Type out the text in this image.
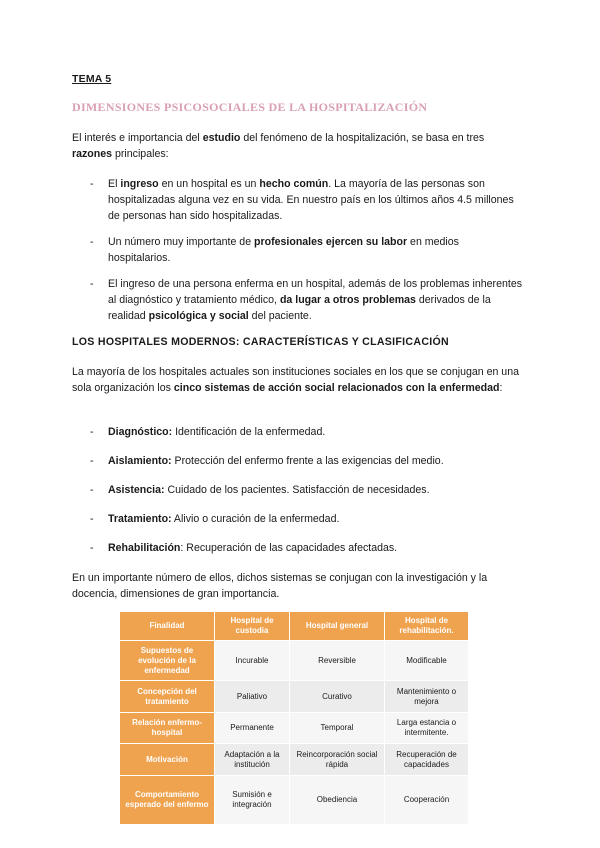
TEMA 5
DIMENSIONES PSICOSOCIALES DE LA HOSPITALIZACIÓN

El interés e importancia del estudio del fenómeno de la hospitalización, se basa en tres razones principales:

- El ingreso en un hospital es un hecho común. La mayoría de las personas son hospitalizadas alguna vez en su vida. En nuestro país en los últimos años 4.5 millones de personas han sido hospitalizadas.

- Un número muy importante de profesionales ejercen su labor en medios hospitalarios.

- El ingreso de una persona enferma en un hospital, además de los problemas inherentes al diagnóstico y tratamiento médico, da lugar a otros problemas derivados de la realidad psicológica y social del paciente.

LOS HOSPITALES MODERNOS: CARACTERÍSTICAS Y CLASIFICACIÓN

La mayoría de los hospitales actuales son instituciones sociales en los que se conjugan en una sola organización los cinco sistemas de acción social relacionados con la enfermedad:

- Diagnóstico: Identificación de la enfermedad.

- Aislamiento: Protección del enfermo frente a las exigencias del medio.

- Asistencia: Cuidado de los pacientes. Satisfacción de necesidades.

- Tratamiento: Alivio o curación de la enfermedad.

- Rehabilitación: Recuperación de las capacidades afectadas.

En un importante número de ellos, dichos sistemas se conjugan con la investigación y la docencia, dimensiones de gran importancia.

Finalidad	Hospital de custodia	Hospital general	Hospital de rehabilitación.
Supuestos de evolución de la enfermedad	Incurable	Reversible	Modificable
Concepción del tratamiento	Paliativo	Curativo	Mantenimiento o mejora
Relación enfermo-hospital	Permanente	Temporal	Larga estancia o intermitente.
Motivación	Adaptación a la institución	Reincorporación social rápida	Recuperación de capacidades
Comportamiento esperado del enfermo	Sumisión e integración	Obediencia	Cooperación
